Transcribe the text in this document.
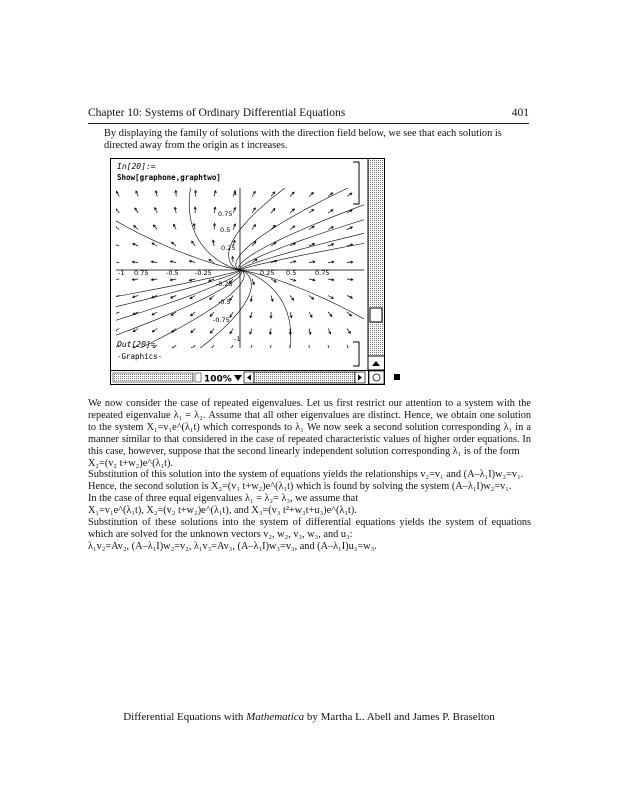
Chapter 10: Systems of Ordinary Differential Equations	401

By displaying the family of solutions with the direction field below, we see that each solution is directed away from the origin as t increases.

In[20]:=
Show[graphone,graphtwo]
1
0.75
0.5
0.25
-0.25
-0.5
-0.75
-1
-1 0.75	-0.5	-0.25	0.25 0.5	0.75
Out[20]=
-Graphics-
100%

We now consider the case of repeated eigenvalues. Let us first restrict our attention to a system with the repeated eigenvalue λ₁ = λ₂. Assume that all other eigenvalues are distinct. Hence, we obtain one solution to the system X₁=v₁e^(λ₁t) which corresponds to λ₁ We now seek a second solution corresponding λ₁ in a manner similar to that considered in the case of repeated characteristic values of higher order equations. In this case, however, suppose that the second linearly independent solution corresponding λ₁ is of the form

X₂=(v₂ t+w₂)e^(λ₁t).

Substitution of this solution into the system of equations yields the relationships v₂=v₁ and (A–λ₁I)w₂=v₁.

Hence, the second solution is X₂=(v₁ t+w₂)e^(λ₁t) which is found by solving the system (A–λ₁I)w₂=v₁.

In the case of three equal eigenvalues λ₁ = λ₂= λ₃, we assume that

X₁=v₁e^(λ₁t), X₂=(v₂ t+w₂)e^(λ₁t), and X₃=(v₃ t²+w₃t+u₃)e^(λ₁t).

Substitution of these solutions into the system of differential equations yields the system of equations which are solved for the unknown vectors v₂, w₂, v₃, w₃, and u₃:

λ₁v₂=Av₂, (A–λ₁I)w₂=v₂, λ₁v₃=Av₃, (A–λ₁I)w₃=v₃, and (A–λ₁I)u₃=w₃.

Differential Equations with Mathematica by Martha L. Abell and James P. Braselton
